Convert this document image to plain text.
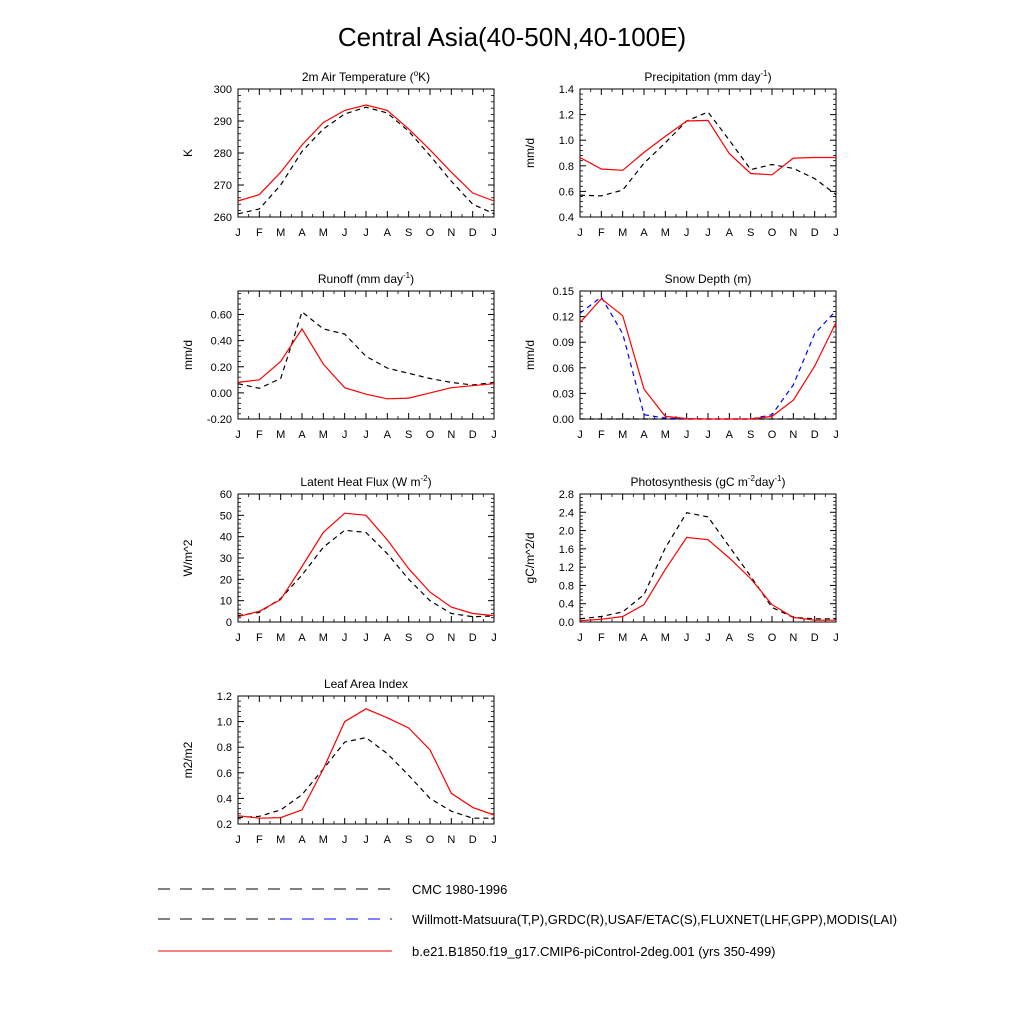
Central Asia(40-50N,40-100E)
2m Air Temperature ($^o$K)
K
J F M A M J J A S O N D J
260
270
280
290
300
Precipitation (mm day$^{-1}$)
mm/d
J F M A M J J A S O N D J
0.4
0.6
0.8
1.0
1.2
1.4
Runoff (mm day$^{-1}$)
mm/d
J F M A M J J A S O N D J
-0.20
0.00
0.20
0.40
0.60
Snow Depth (m)
mm/d
J F M A M J J A S O N D J
0.00
0.03
0.06
0.09
0.12
0.15
Latent Heat Flux (W $m^{-2}$)
W/m^2
J F M A M J J A S O N D J
0
10
20
30
40
50
60
Photosynthesis (gC $m^{-2}day^{-1}$)
gC/m^2/d
J F M A M J J A S O N D J
0.0
0.4
0.8
1.2
1.6
2.0
2.4
2.8
Leaf Area Index
m2/m2
J F M A M J J A S O N D J
0.2
0.4
0.6
0.8
1.0
1.2
CMC 1980-1996
Willmott-Matsuura(T,P),GRDC(R),USAF/ETAC(S),FLUXNET(LHF,GPP),MODIS(LAI)
b.e21.B1850.f19_g17.CMIP6-piControl-2deg.001 (yrs 350-499)
